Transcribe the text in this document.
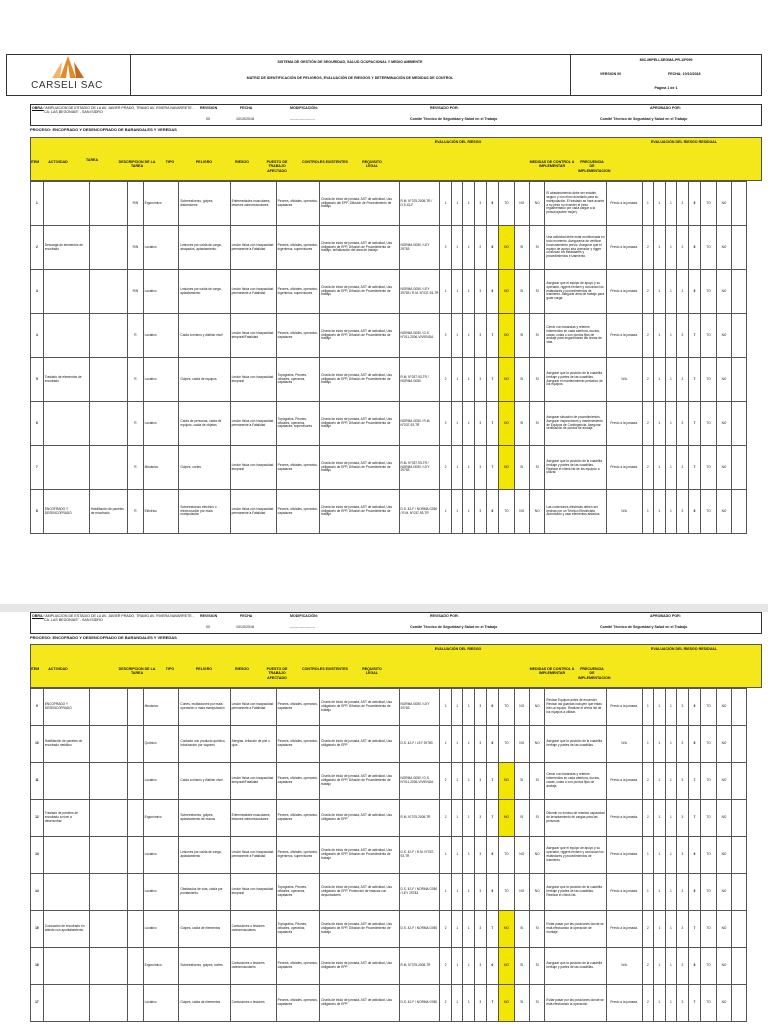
CARSELI SAC
SISTEMA DE GESTIÓN DE SEGURIDAD, SALUD OCUPACIONAL Y MEDIO AMBIENTE
MATRIZ DE IDENTIFICACIÓN DE PELIGROS, EVALUACIÓN DE RIESGOS Y DETERMINACIÓN DE MEDIDAS DE CONTROL
MIC-MIPELI-SEGMA-PR-1/F099
VERSION 00	FECHA: 10/10/2018
Página 1 de 1
OBRA: "AMPLIACION DE ESTADIO DE LA AV. JAVIER PRADO, TRAMO AV. RIVERA NAVARRETE - CA. LAS BEGONIAS" - SAN ISIDRO
REVISION
00
FECHA
10/10/2018
MODIFICACIÓN:
---------------------
REVISADO POR:
Comité Técnico de Seguridad y Salud en el Trabajo
APROBADO POR:
Comité Técnico de Seguridad y Salud en el Trabajo
PROCESO: ENCOFRADO Y DESENCOFRADO DE BARANDALES Y VEREDAS
ITEM	ACTIVIDAD	TAREA	DESCRIPCION DE LA TAREA
TIPO	PELIGRO	RIESGO	PUESTO DE TRABAJO AFECTADO
CONTROLES EXISTENTES	REQUISITO LEGAL
EVALUACIÓN DEL RIESGO
MEDIDAS DE CONTROL A IMPLEMENTAR
FRECUENCIA DE IMPLEMENTACION
EVALUACIÓN DEL RIESGO RESIDUAL
1			R/N	Ergonómico	Sobreesfuerzo, golpes, distorsiones	Enfermedades musculares, lesiones osteomusculares	Peones, oficiales, operarios, capataces	Charla de inicio de jornada, AST de actividad, Uso obligatorio del EPP. Difusión de Procedimiento de trabajo	R.M. N°375-2008-TR / D.S.42-F	1	1	1	3	6	TO	NO	NO	El abastecimiento debe ser estable, seguro y con ritmo acordado para su manipulación. El traslado se hará acorde a su peso no exceder el peso reglamentario por cada cargar a la persona(sobre mujer).	Previo a la jornada.	1	1	1	3	6	TO	NO	
2	Descarga de elementos de encofrado		R/N	Locativo	Lesiones por caída de carga, atrapados, aplastamiento	Lesión física con incapacidad permanente a Fatalidad	Peones, oficiales, operarios, ingenieros, supervisores	Charla de inicio de jornada, AST de actividad, Uso obligatorio de EPP, Difusión de Procedimiento de trabajo, señalización del área de trabajo	NORMA G050 / LEY 29783	2	1	1	2	6	MO	SI	SI	Una actividad debe estar monitoreada en todo momento. Asegurarse de verificar funcionamiento previo. Asegurar que el equipo de apoyo sea operador y rigger conozcan los estándares y procedimientos e izamiento.	Previo a la jornada.	2	1	1	2	6	TO	NO	
3			R/N	Locativo	Lesiones por caída de carga, aplastamiento	Lesión física con incapacidad permanente a Fatalidad	Peones, oficiales, operarios, ingenieros, supervisores	Charla de inicio de jornada, AST de actividad, Uso obligatorio de EPP, Difusión de Procedimiento de trabajo	NORMA G050 / LEY 29783 / R.M. N°037-93-TR	1	1	1	3	6	MO	SI	SI	Asegurar que el equipo de apoyo y su operador, riggers revisen y conozcan los estándares y procedimientos de izamiento. Asegurar área de trabajo para guiar carga.	Previo a la jornada.	2	1	1	2	6	TO	NO	
4			R	Locativo	Caída a mismo y distinto nivel	Lesión física con incapacidad temporal/Fatalidad	Peones, oficiales, operarios, capataces	Charla de inicio de jornada, AST de actividad, Uso obligatorio de EPP, Difusión de Procedimiento de trabajo	NORMA G050 / D.S. N°011-2006-VIVIENDA	2	1	1	3	7	MO	SI	SI	Cerrar con barandas y retenes intermedios en cada abertura, ductos, cavas, cotas o con puntos fijos de anclaje para engancharse las líneas de vida.	Previo a la jornada.	2	1	1	3	7	TO	NO	
5	Traslado de elementos de encofrado		R	Locativo	Golpes, caída de equipos	Lesión física con incapacidad temporal	Topógrafos, Peones, oficiales, operarios, capataces	Charla de inicio de jornada, AST de actividad, Uso obligatorio de EPP, Difusión de Procedimiento de trabajo	R.M. N°037-93-TR / NORMA G050	2	1	1	3	7	MO	SI	SI	Asegurar que la posición de la cuadrilla herbaje y partes de las cuadrillas. Asegurar el mantenimiento periódico de los equipos.	N/A	2	1	1	3	7	TO	NO	
6			R	Locativo	Caída de personas, caída de equipos, caída de objetos	Lesión física con incapacidad permanente a Fatalidad	Topógrafos, Peones, oficiales, operarios, capataces, supervisores	Charla de inicio de jornada, AST de actividad, Uso obligatorio de EPP, Difusión de Procedimiento de trabajo	NORMA G050 / R.M. N°037-93-TR	2	1	1	3	7	MO	SI	SI	Asegurar situación de procedimientos. Asegurar inspecciones y mantenimiento de Equipos de Contingencia. Asegurar verificación de puntos de anclaje.	Previo a la jornada.	2	1	1	3	7	TO	NO	
7			R	Mecánico	Golpes, cortes	Lesión física con incapacidad temporal	Peones, oficiales, operarios, capataces	Charla de inicio de jornada, AST de actividad, Uso obligatorio de EPP, Difusión de Procedimiento de trabajo	R.M. N°037-93-TR / NORMA G050 / LEY 29783	2	1	1	3	7	MO	SI	SI	Asegurar que la posición de la cuadrilla herbaje y partes de las cuadrillas. Realizar el check list de los equipos a utilizar.	Previo a la jornada.	2	1	1	3	7	TO	NO	
8	ENCOFRADO Y DESENCOFRADO	Habilitación de paneles de encofrado	R	Eléctrico	Sobreesfuerzo eléctrico o electrocución por mala manipulación	Lesión física con incapacidad permanente a Fatalidad	Peones, oficiales, operarios, capataces	Charla de inicio de jornada, AST de actividad, Uso obligatorio de EPP, Difusión de Procedimiento de trabajo	D.S. 42-F / NORMA G050 / R.M. N°037-93-TR	1	1	1	3	6	TO	NO	NO	Las conexiones eléctricas deben ser hechas por un Técnico Electricista Autorizado y usar elementos aislados.	N/A	1	1	1	3	6	TO	NO	
OBRA: "AMPLIACION DE ESTADIO DE LA AV. JAVIER PRADO, TRAMO AV. RIVERA NAVARRETE - CA. LAS BEGONIAS" - SAN ISIDRO
REVISION
00
FECHA
10/10/2018
MODIFICACIÓN:
---------------------
REVISADO POR:
Comité Técnico de Seguridad y Salud en el Trabajo
APROBADO POR:
Comité Técnico de Seguridad y Salud en el Trabajo
PROCESO: ENCOFRADO Y DESENCOFRADO DE BARANDALES Y VEREDAS
ITEM	ACTIVIDAD	DESCRIPCION DE LA TAREA
TIPO	PELIGRO	RIESGO	PUESTO DE TRABAJO AFECTADO
CONTROLES EXISTENTES	REQUISITO LEGAL
EVALUACIÓN DEL RIESGO
MEDIDAS DE CONTROL A IMPLEMENTAR
FRECUENCIA DE IMPLEMENTACION
EVALUACIÓN DEL RIESGO RESIDUAL
9	ENCOFRADO Y DESENCOFRADO			Mecánico	Cortes, mutilaciones por mala operación o mala manipulación	Lesión física con incapacidad permanente a Fatalidad	Peones, oficiales, operarios, capataces	Charla de inicio de jornada, AST de actividad, Uso obligatorio de EPP, Difusión de Procedimiento de trabajo	NORMA G050 / LEY 29783	1	1	1	3	6	TO	NO	NO	Revisar Equipos antes de encender. Revisar las guardas incluyen que estas bien al equipo. Realizar el check list de los equipos a utilizar.	Previo a la jornada.	1	1	1	3	6	TO	NO	
10	Habilitación de paneles de encofrado metálico			Químico	Contacto con producto químico, intoxicación por vapores	Alergias, irritación de piel u ojos	Peones, oficiales, operarios, capataces	Charla de inicio de jornada, AST de actividad, Uso obligatorio de EPP	D.S. 42-F / LEY 29783	1	1	1	3	6	TO	NO	NO	Asegurar que la posición de la cuadrilla herbaje y partes de las cuadrillas.	N/A	1	1	1	3	6	TO	NO	
11				Locativo	Caída a mismo y distinto nivel	Lesión física con incapacidad temporal/Fatalidad	Peones, oficiales, operarios, capataces	Charla de inicio de jornada, AST de actividad, Uso obligatorio de EPP, Difusión de Procedimiento de trabajo	NORMA G050 / D.S. N°011-2006-VIVIENDA	2	1	1	3	7	MO	SI	SI	Cerrar con barandas y retenes intermedios en cada abertura, ductos, cavas, cotas o con puntos fijos de anclaje.	Previo a la jornada.	2	1	1	3	7	TO	NO	
12	Traslado de paneles de encofrado a nivel a desencofrar			Ergonómico	Sobreesfuerzo, golpes, aplastamiento de manos	Enfermedades musculares, lesiones osteomusculares	Peones, oficiales, operarios, capataces	Charla de inicio de jornada, AST de actividad, Uso obligatorio de EPP	R.M. N°375-2008-TR	2	1	1	3	7	MO	SI	SI	Difundir no exceso de máximo capacidad de levantamiento de cargas para las personas.	Previo a la jornada.	2	1	1	3	7	TO	NO	
13				Locativo	Lesiones por caída de carga, aplastamiento	Lesión física con incapacidad permanente a Fatalidad	Peones, oficiales, operarios, ingenieros, supervisores	Charla de inicio de jornada, AST de actividad, Uso obligatorio de EPP, Difusión de Procedimiento de trabajo	D.S. 42-F / R.M. N°037-93-TR	1	1	1	3	6	TO	NO	NO	Asegurar que el equipo de apoyo y su operador, riggers revisen y conozcan los estándares y procedimientos de izamiento.	Previo a la jornada.	1	1	1	3	6	TO	NO	
14				Locativo	Obstáculos de vías, caída por puntamiento	Lesión física con incapacidad temporal	Topógrafos, Peones, oficiales, operarios, capataces	Charla de inicio de jornada, AST de actividad, Uso obligatorio de EPP, Protección de estacas con depuntadores	D.S. 42-F / NORMA G050 / LEY 29783	1	1	1	3	6	TO	NO	NO	Asegurar que la posición de la cuadrilla herbaje y partes de las cuadrillas. Realizar el check list.	Previo a la jornada.	1	1	1	3	6	TO	NO	
15	Colocación de encofrado en abierto con apuntalamiento			Locativo	Golpes, caída de elementos	Contusiones o lesiones osteomusculares	Topógrafos, Peones, oficiales, operarios, capataces	Charla de inicio de jornada, AST de actividad, Uso obligatorio de EPP, Difusión de Procedimiento de trabajo	D.S. 42-F / NORMA G050	2	1	1	3	7	MO	SI	SI	Evitar pasar por las posiciones donde se está efectuando la operación de montaje.	Previo a la jornada.	2	1	1	3	7	TO	NO	
16				Ergonómico	Sobreesfuerzo, golpes, cortes	Contusiones o lesiones osteomusculares	Peones, oficiales, operarios, capataces	Charla de inicio de jornada, AST de actividad, Uso obligatorio de EPP	R.M. N°375-2008-TR	2	1	1	3	6	MO	SI	SI	Asegurar que la posición de la cuadrilla herbaje y partes de las cuadrillas.	N/A	2	1	1	3	6	TO	NO	
17				Locativo	Golpes, caída de elementos	Contusiones o lesiones	Peones, oficiales, operarios, capataces	Charla de inicio de jornada, AST de actividad, Uso obligatorio de EPP	D.S. 42-F / NORMA G050	2	1	1	3	7	MO	SI	SI	Evitar pasar por las posiciones donde se está efectuando la operación.	Previo a la jornada.	2	1	1	3	7	TO	NO	
